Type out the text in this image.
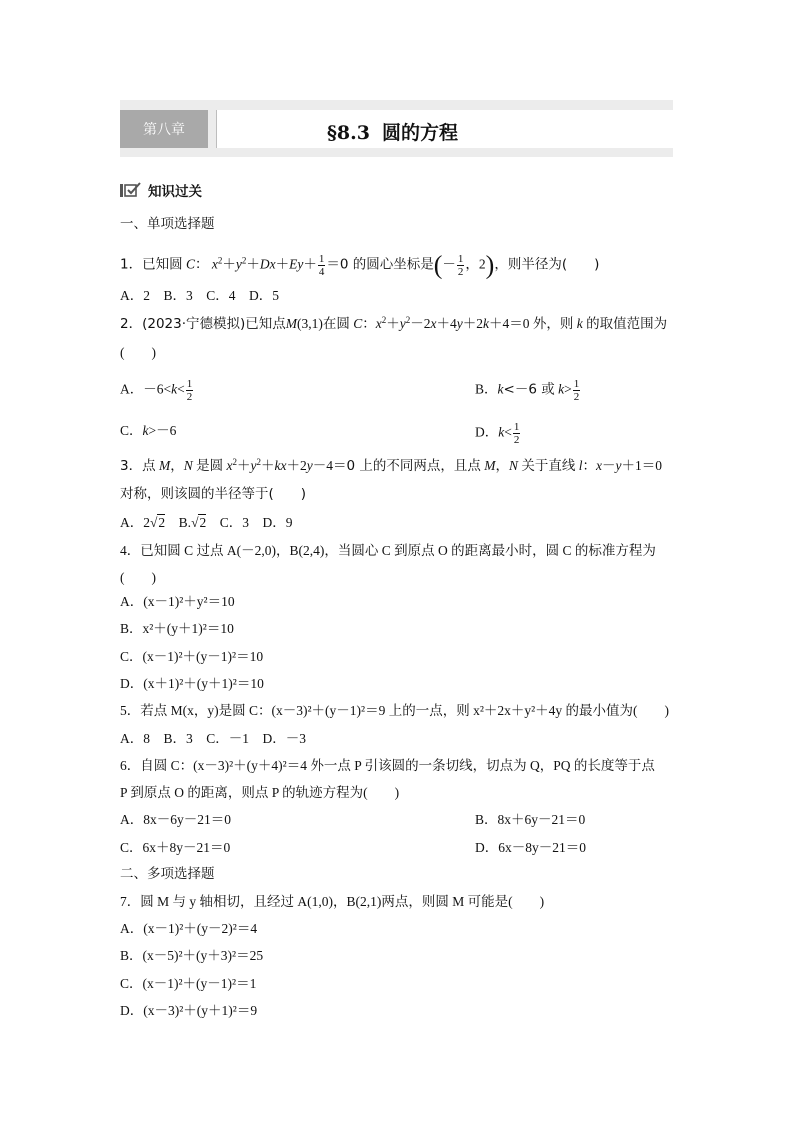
第八章	§8.3 圆的方程
知识过关
一、单项选择题
1．已知圆 C： $x^2+y^2+Dx+Ey+ \frac{1}{4} =0$ 的圆心坐标是(－ $\frac{1}{2}$ ，2)，则半径为(　　)
A．2　B．3　C．4　D．5
2．(2023·宁德模拟)已知点M(3,1)在圆 C：$x^2+y^2-2x+4y+2k+4=0$ 外，则 k 的取值范围为
(　　)
A．$-6<k< \frac{1}{2}$	B．k<－6 或 $k> \frac{1}{2}$
C．k>－6	D．$k< \frac{1}{2}$
3．点 M，N 是圆 $x^2+y^2+kx+2y-4=0$ 上的不同两点，且点 M，N 关于直线 l：x－y＋1＝0
对称，则该圆的半径等于(　　)
A．2√2　 B.√2　 C．3　D．9
4．已知圆 C 过点 A(－2,0)，B(2,4)，当圆心 C 到原点 O 的距离最小时，圆 C 的标准方程为
(　　)
A．(x－1)²＋y²＝10
B．x²＋(y＋1)²＝10
C．(x－1)²＋(y－1)²＝10
D．(x＋1)²＋(y＋1)²＝10
5．若点 M(x，y)是圆 C：(x－3)²＋(y－1)²＝9 上的一点，则 x²＋2x＋y²＋4y 的最小值为(　　)
A．8　B．3　C．－1　D．－3
6．自圆 C：(x－3)²＋(y＋4)²＝4 外一点 P 引该圆的一条切线，切点为 Q，PQ 的长度等于点
P 到原点 O 的距离，则点 P 的轨迹方程为(　　)
A．8x－6y－21＝0	B．8x＋6y－21＝0
C．6x＋8y－21＝0	D．6x－8y－21＝0
二、多项选择题
7．圆 M 与 y 轴相切，且经过 A(1,0)，B(2,1)两点，则圆 M 可能是(　　)
A．(x－1)²＋(y－2)²＝4
B．(x－5)²＋(y＋3)²＝25
C．(x－1)²＋(y－1)²＝1
D．(x－3)²＋(y＋1)²＝9
